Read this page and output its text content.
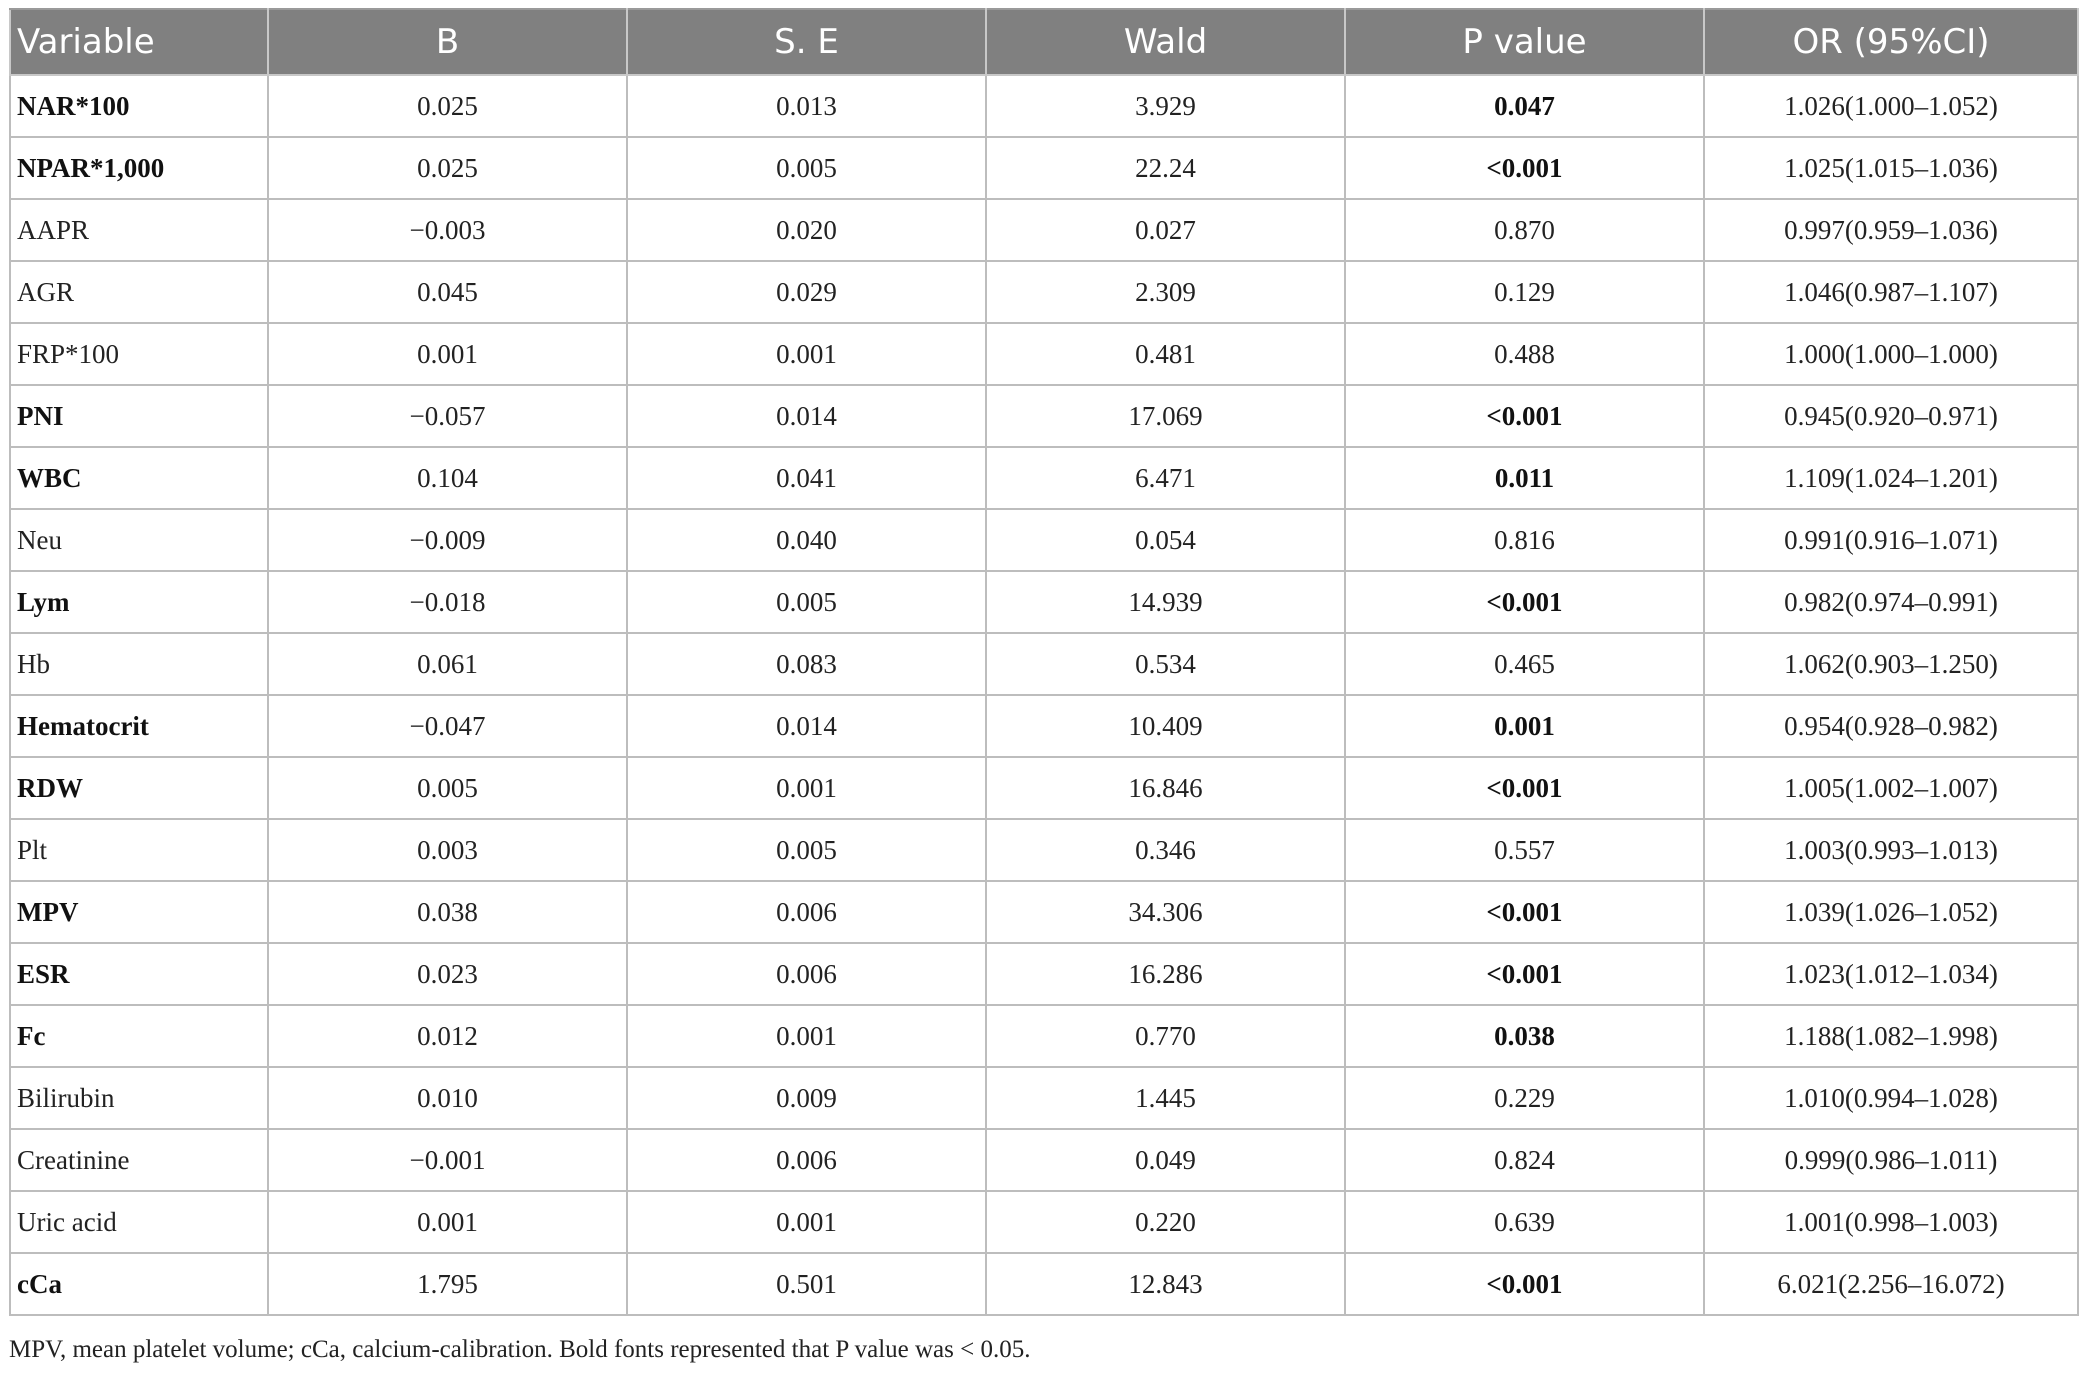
Variable	B	S. E	Wald	P value	OR (95%CI)
NAR*100	0.025	0.013	3.929	0.047	1.026(1.000–1.052)
NPAR*1,000	0.025	0.005	22.24	<0.001	1.025(1.015–1.036)
AAPR	−0.003	0.020	0.027	0.870	0.997(0.959–1.036)
AGR	0.045	0.029	2.309	0.129	1.046(0.987–1.107)
FRP*100	0.001	0.001	0.481	0.488	1.000(1.000–1.000)
PNI	−0.057	0.014	17.069	<0.001	0.945(0.920–0.971)
WBC	0.104	0.041	6.471	0.011	1.109(1.024–1.201)
Neu	−0.009	0.040	0.054	0.816	0.991(0.916–1.071)
Lym	−0.018	0.005	14.939	<0.001	0.982(0.974–0.991)
Hb	0.061	0.083	0.534	0.465	1.062(0.903–1.250)
Hematocrit	−0.047	0.014	10.409	0.001	0.954(0.928–0.982)
RDW	0.005	0.001	16.846	<0.001	1.005(1.002–1.007)
Plt	0.003	0.005	0.346	0.557	1.003(0.993–1.013)
MPV	0.038	0.006	34.306	<0.001	1.039(1.026–1.052)
ESR	0.023	0.006	16.286	<0.001	1.023(1.012–1.034)
Fc	0.012	0.001	0.770	0.038	1.188(1.082–1.998)
Bilirubin	0.010	0.009	1.445	0.229	1.010(0.994–1.028)
Creatinine	−0.001	0.006	0.049	0.824	0.999(0.986–1.011)
Uric acid	0.001	0.001	0.220	0.639	1.001(0.998–1.003)
cCa	1.795	0.501	12.843	<0.001	6.021(2.256–16.072)
MPV, mean platelet volume; cCa, calcium-calibration. Bold fonts represented that P value was < 0.05.
